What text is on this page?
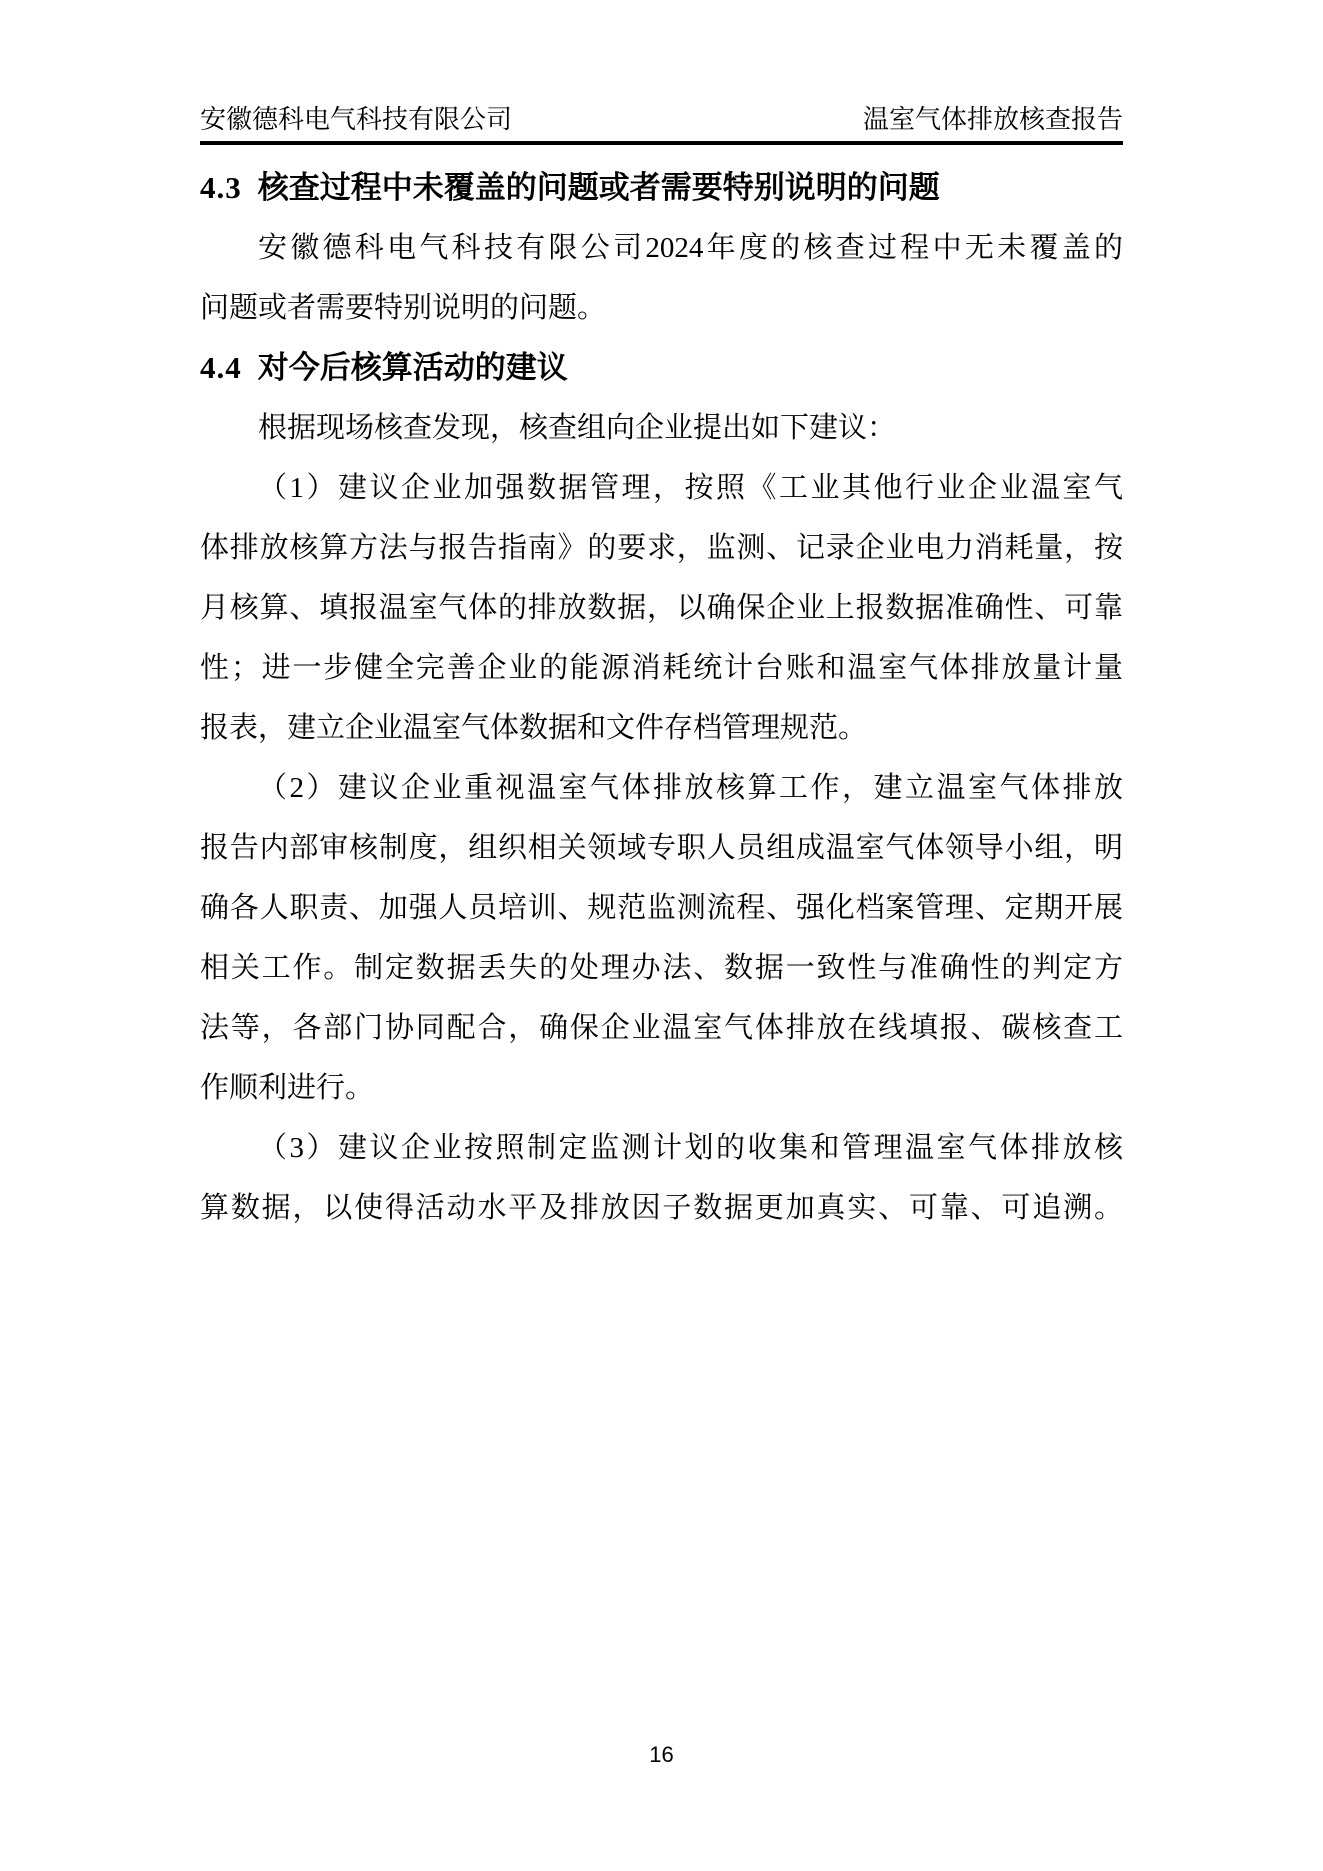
安徽德科电气科技有限公司	温室气体排放核查报告
4.3 核查过程中未覆盖的问题或者需要特别说明的问题
安徽德科电气科技有限公司2024年度的核查过程中无未覆盖的
问题或者需要特别说明的问题。
4.4 对今后核算活动的建议
根据现场核查发现，核查组向企业提出如下建议：
（1）建议企业加强数据管理，按照《工业其他行业企业温室气
体排放核算方法与报告指南》的要求，监测、记录企业电力消耗量，按
月核算、填报温室气体的排放数据，以确保企业上报数据准确性、可靠
性；进一步健全完善企业的能源消耗统计台账和温室气体排放量计量
报表，建立企业温室气体数据和文件存档管理规范。
（2）建议企业重视温室气体排放核算工作，建立温室气体排放
报告内部审核制度，组织相关领域专职人员组成温室气体领导小组，明
确各人职责、加强人员培训、规范监测流程、强化档案管理、定期开展
相关工作。制定数据丢失的处理办法、数据一致性与准确性的判定方
法等，各部门协同配合，确保企业温室气体排放在线填报、碳核查工
作顺利进行。
（3）建议企业按照制定监测计划的收集和管理温室气体排放核
算数据，以使得活动水平及排放因子数据更加真实、可靠、可追溯。
16
